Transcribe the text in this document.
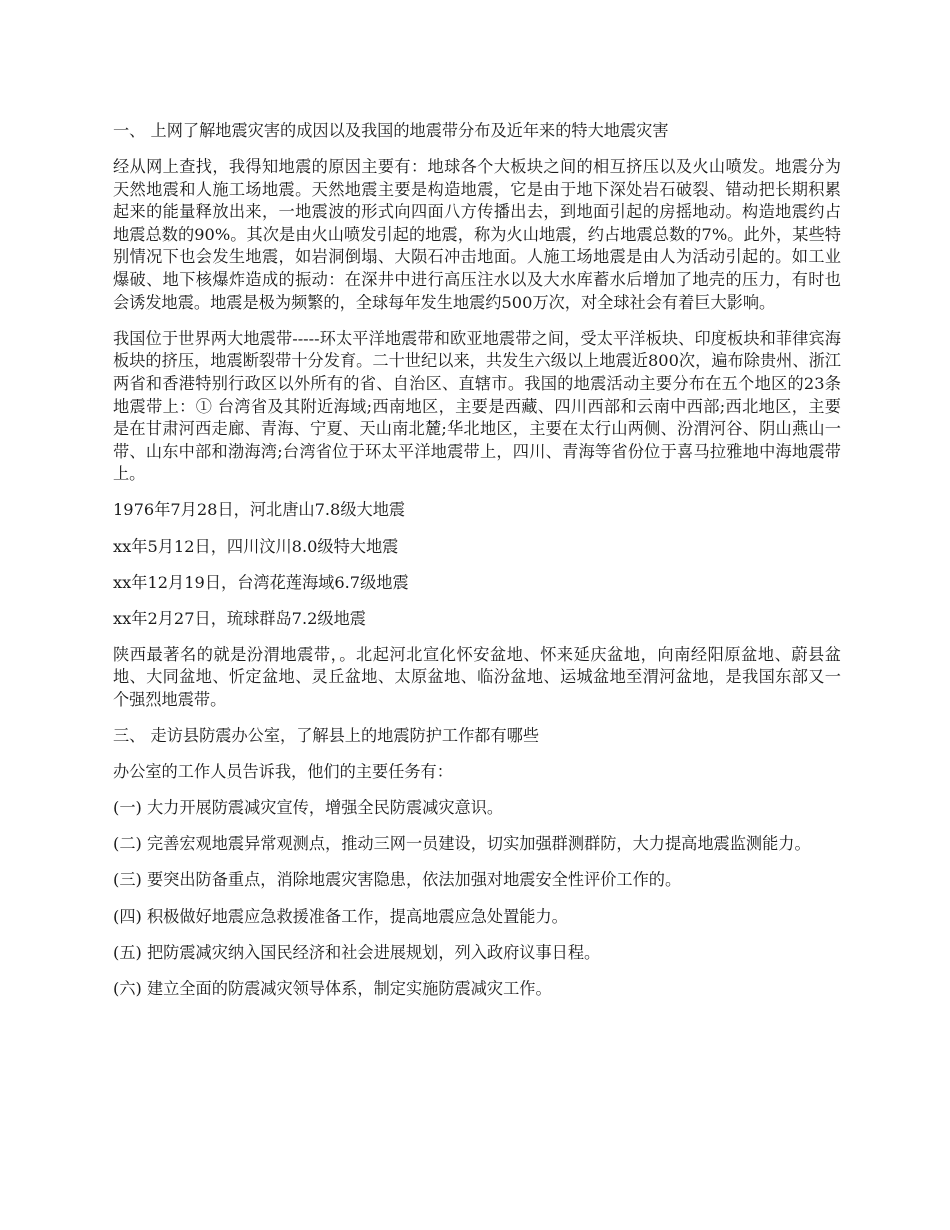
一、 上网了解地震灾害的成因以及我国的地震带分布及近年来的特大地震灾害

经从网上查找，我得知地震的原因主要有：地球各个大板块之间的相互挤压以及火山喷发。地震分为天然地震和人施工场地震。天然地震主要是构造地震，它是由于地下深处岩石破裂、错动把长期积累起来的能量释放出来，一地震波的形式向四面八方传播出去，到地面引起的房摇地动。构造地震约占地震总数的90%。其次是由火山喷发引起的地震，称为火山地震，约占地震总数的7%。此外，某些特别情况下也会发生地震，如岩洞倒塌、大陨石冲击地面。人施工场地震是由人为活动引起的。如工业爆破、地下核爆炸造成的振动：在深井中进行高压注水以及大水库蓄水后增加了地壳的压力，有时也会诱发地震。地震是极为频繁的，全球每年发生地震约500万次，对全球社会有着巨大影响。

我国位于世界两大地震带-----环太平洋地震带和欧亚地震带之间，受太平洋板块、印度板块和菲律宾海板块的挤压，地震断裂带十分发育。二十世纪以来，共发生六级以上地震近800次，遍布除贵州、浙江两省和香港特别行政区以外所有的省、自治区、直辖市。我国的地震活动主要分布在五个地区的23条地震带上：① 台湾省及其附近海域;西南地区，主要是西藏、四川西部和云南中西部;西北地区，主要是在甘肃河西走廊、青海、宁夏、天山南北麓;华北地区，主要在太行山两侧、汾渭河谷、阴山燕山一带、山东中部和渤海湾;台湾省位于环太平洋地震带上，四川、青海等省份位于喜马拉雅地中海地震带上。

1976年7月28日，河北唐山7.8级大地震

xx年5月12日，四川汶川8.0级特大地震

xx年12月19日，台湾花莲海域6.7级地震

xx年2月27日，琉球群岛7.2级地震

陕西最著名的就是汾渭地震带，。北起河北宣化怀安盆地、怀来延庆盆地，向南经阳原盆地、蔚县盆地、大同盆地、忻定盆地、灵丘盆地、太原盆地、临汾盆地、运城盆地至渭河盆地，是我国东部又一个强烈地震带。

三、 走访县防震办公室，了解县上的地震防护工作都有哪些

办公室的工作人员告诉我，他们的主要任务有：

(一) 大力开展防震减灾宣传，增强全民防震减灾意识。

(二) 完善宏观地震异常观测点，推动三网一员建设，切实加强群测群防，大力提高地震监测能力。

(三) 要突出防备重点，消除地震灾害隐患，依法加强对地震安全性评价工作的。

(四) 积极做好地震应急救援准备工作，提高地震应急处置能力。

(五) 把防震减灾纳入国民经济和社会进展规划，列入政府议事日程。

(六) 建立全面的防震减灾领导体系，制定实施防震减灾工作。
